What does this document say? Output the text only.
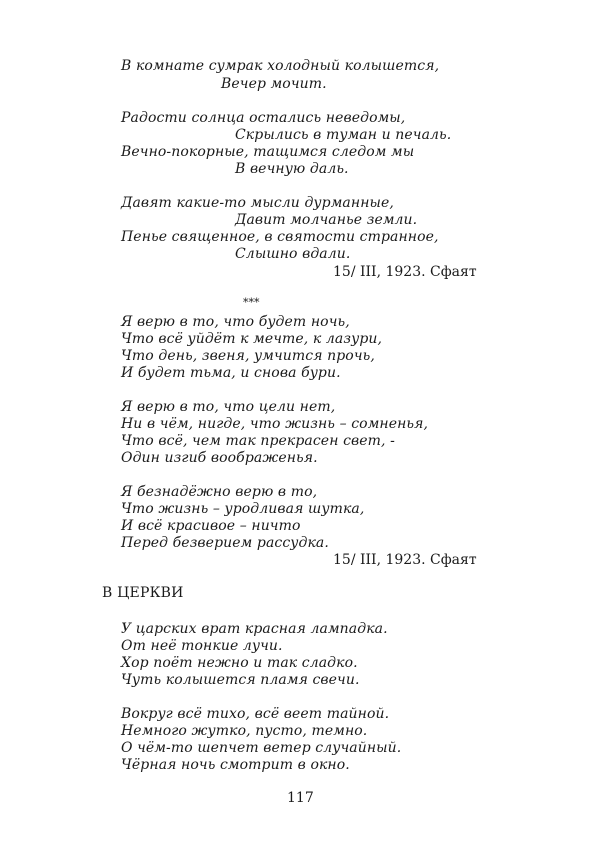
В комнате сумрак холодный колышется,
Вечер мочит.
Радости солнца остались неведомы,
Скрылись в туман и печаль.
Вечно-покорные, тащимся следом мы
В вечную даль.
Давят какие-то мысли дурманные,
Давит молчанье земли.
Пенье священное, в святости странное,
Слышно вдали.
15/ III, 1923. Сфаят
***
Я верю в то, что будет ночь,
Что всё уйдёт к мечте, к лазури,
Что день, звеня, умчится прочь,
И будет тьма, и снова бури.
Я верю в то, что цели нет,
Ни в чём, нигде, что жизнь – сомненья,
Что всё, чем так прекрасен свет, -
Один изгиб воображенья.
Я безнадёжно верю в то,
Что жизнь – уродливая шутка,
И всё красивое – ничто
Перед безверием рассудка.
15/ III, 1923. Сфаят
В ЦЕРКВИ
У царских врат красная лампадка.
От неё тонкие лучи.
Хор поёт нежно и так сладко.
Чуть колышется пламя свечи.
Вокруг всё тихо, всё веет тайной.
Немного жутко, пусто, темно.
О чём-то шепчет ветер случайный.
Чёрная ночь смотрит в окно.
117
